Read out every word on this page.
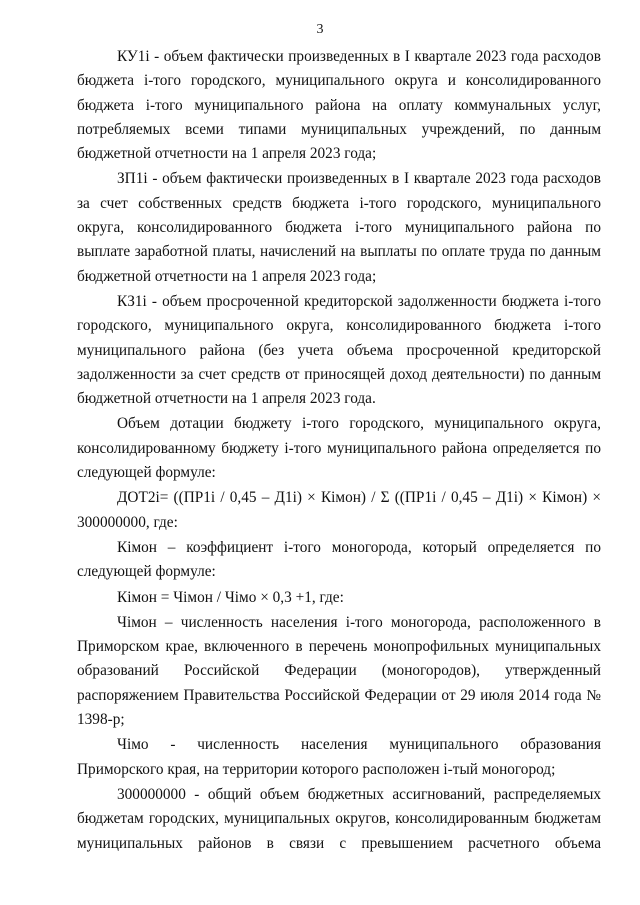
3

КУ1i - объем фактически произведенных в I квартале 2023 года расходов бюджета i-того городского, муниципального округа и консолидированного бюджета i-того муниципального района на оплату коммунальных услуг, потребляемых всеми типами муниципальных учреждений, по данным бюджетной отчетности на 1 апреля 2023 года;

ЗП1i - объем фактически произведенных в I квартале 2023 года расходов за счет собственных средств бюджета i-того городского, муниципального округа, консолидированного бюджета i-того муниципального района по выплате заработной платы, начислений на выплаты по оплате труда по данным бюджетной отчетности на 1 апреля 2023 года;

КЗ1i - объем просроченной кредиторской задолженности бюджета i-того городского, муниципального округа, консолидированного бюджета i-того муниципального района (без учета объема просроченной кредиторской задолженности за счет средств от приносящей доход деятельности) по данным бюджетной отчетности на 1 апреля 2023 года.

Объем дотации бюджету i-того городского, муниципального округа, консолидированному бюджету i-того муниципального района определяется по следующей формуле:

ДОТ2i= ((ПР1i / 0,45 – Д1i) × Кiмон) / Σ ((ПР1i / 0,45 – Д1i) × Кiмон) × 300000000, где:

Кiмон – коэффициент i-того моногорода, который определяется по следующей формуле:

Кiмон = Чiмон / Чiмо × 0,3 +1, где:

Чiмон – численность населения i-того моногорода, расположенного в Приморском крае, включенного в перечень монопрофильных муниципальных образований Российской Федерации (моногородов), утвержденный распоряжением Правительства Российской Федерации от 29 июля 2014 года № 1398-р;

Чiмо - численность населения муниципального образования Приморского края, на территории которого расположен i-тый моногород;

300000000 - общий объем бюджетных ассигнований, распределяемых бюджетам городских, муниципальных округов, консолидированным бюджетам муниципальных районов в связи с превышением расчетного объема
